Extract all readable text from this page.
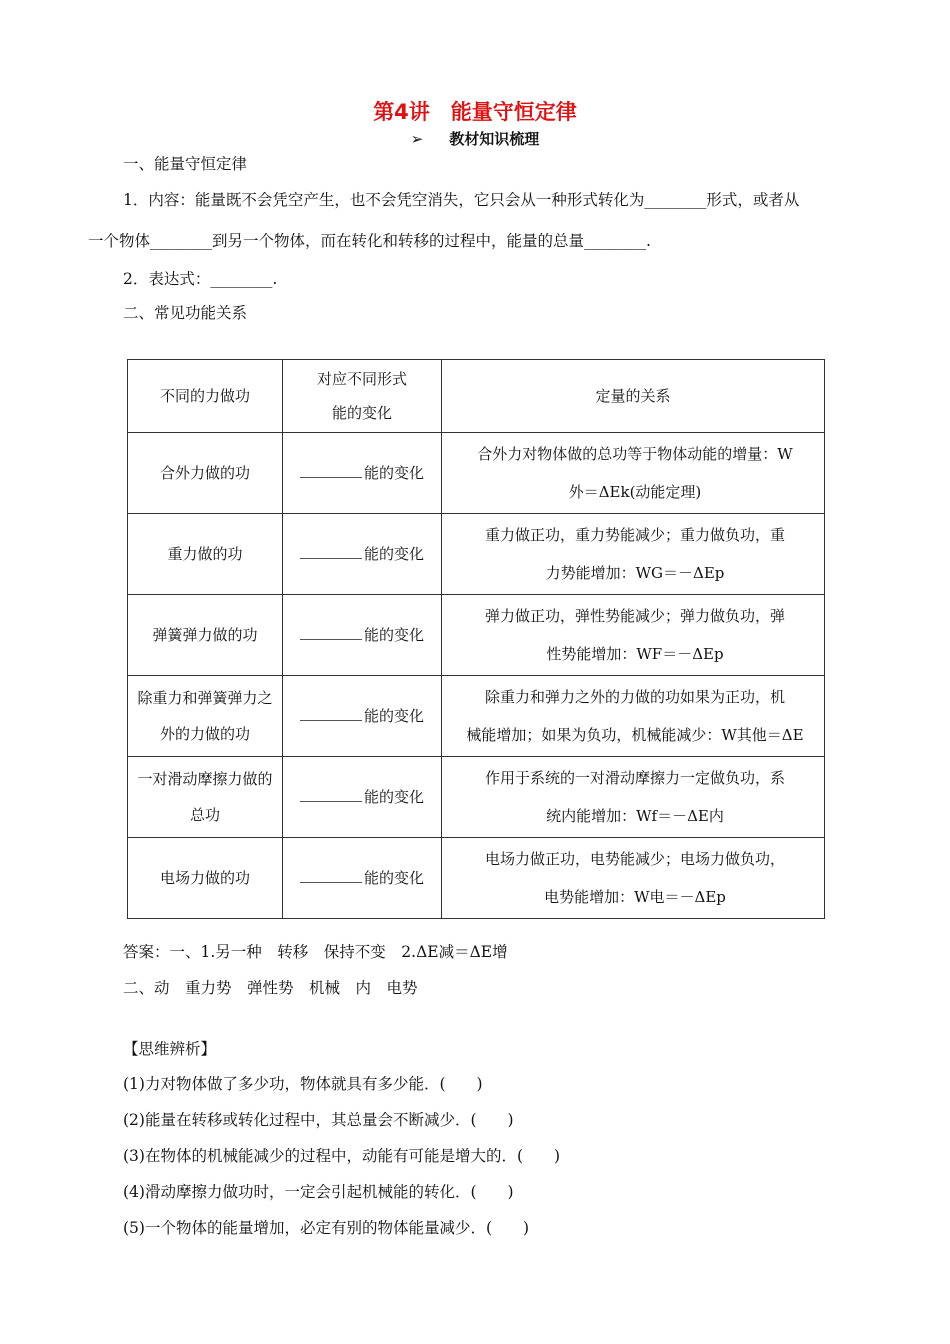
第4讲　能量守恒定律
➢ 教材知识梳理
一、能量守恒定律
1．内容：能量既不会凭空产生，也不会凭空消失，它只会从一种形式转化为________形式，或者从
一个物体________到另一个物体，而在转化和转移的过程中，能量的总量________.
2．表达式：________.
二、常见功能关系
不同的力做功	对应不同形式能的变化	定量的关系
合外力做的功	能的变化	合外力对物体做的总功等于物体动能的增量：W
外＝ΔEk(动能定理)

重力做的功	能的变化	重力做正功，重力势能减少；重力做负功，重
力势能增加：WG＝－ΔEp

弹簧弹力做的功	能的变化	弹力做正功，弹性势能减少；弹力做负功，弹
性势能增加：WF＝－ΔEp

除重力和弹簧弹力之外的力做的功	能的变化	除重力和弹力之外的力做的功如果为正功，机
械能增加；如果为负功，机械能减少：W其他＝ΔE

一对滑动摩擦力做的总功	能的变化	作用于系统的一对滑动摩擦力一定做负功，系
统内能增加：Wf＝－ΔE内

电场力做的功	能的变化	电场力做正功，电势能减少；电场力做负功，
电势能增加：W电＝－ΔEp
答案：一、1.另一种　转移　保持不变　2.ΔE减＝ΔE增
二、动　重力势　弹性势　机械　内　电势
【思维辨析】
(1)力对物体做了多少功，物体就具有多少能．(　　)
(2)能量在转移或转化过程中，其总量会不断减少．(　　)
(3)在物体的机械能减少的过程中，动能有可能是增大的．(　　)
(4)滑动摩擦力做功时，一定会引起机械能的转化．(　　)
(5)一个物体的能量增加，必定有别的物体能量减少．(　　)
